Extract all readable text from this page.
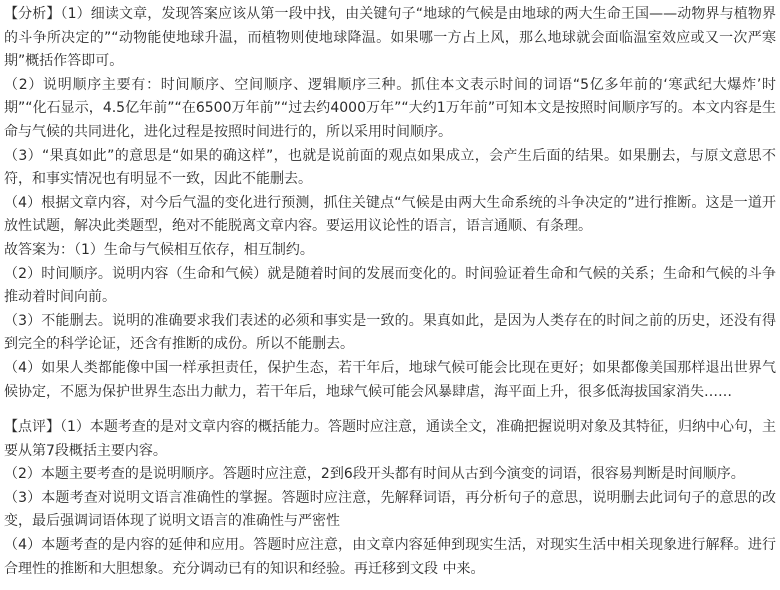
【分析】（1）细读文章，发现答案应该从第一段中找，由关键句子“地球的气候是由地球的两大生命王国——动物界与植物界的斗争所决定的”“动物能使地球升温，而植物则使地球降温。如果哪一方占上风，那么地球就会面临温室效应或又一次严寒期”概括作答即可。

（2）说明顺序主要有：时间顺序、空间顺序、逻辑顺序三种。抓住本文表示时间的词语“5亿多年前的‘寒武纪大爆炸’时期”“化石显示，4.5亿年前”“在6500万年前”“过去约4000万年”“大约1万年前”可知本文是按照时间顺序写的。本文内容是生命与气候的共同进化，进化过程是按照时间进行的，所以采用时间顺序。

（3）“果真如此”的意思是“如果的确这样”，也就是说前面的观点如果成立，会产生后面的结果。如果删去，与原文意思不符，和事实情况也有明显不一致，因此不能删去。

（4）根据文章内容，对今后气温的变化进行预测，抓住关键点“气候是由两大生命系统的斗争决定的”进行推断。这是一道开放性试题，解决此类题型，绝对不能脱离文章内容。要运用议论性的语言，语言通顺、有条理。

故答案为：（1）生命与气候相互依存，相互制约。

（2）时间顺序。说明内容（生命和气候）就是随着时间的发展而变化的。时间验证着生命和气候的关系；生命和气候的斗争推动着时间向前。

（3）不能删去。说明的准确要求我们表述的必须和事实是一致的。果真如此，是因为人类存在的时间之前的历史，还没有得到完全的科学论证，还含有推断的成份。所以不能删去。

（4）如果人类都能像中国一样承担责任，保护生态，若干年后，地球气候可能会比现在更好；如果都像美国那样退出世界气候协定，不愿为保护世界生态出力献力，若干年后，地球气候可能会风暴肆虐，海平面上升，很多低海拔国家消失……

【点评】（1）本题考查的是对文章内容的概括能力。答题时应注意，通读全文，准确把握说明对象及其特征，归纳中心句，主要从第7段概括主要内容。

（2）本题主要考查的是说明顺序。答题时应注意，2到6段开头都有时间从古到今演变的词语，很容易判断是时间顺序。

（3）本题考查对说明文语言准确性的掌握。答题时应注意，先解释词语，再分析句子的意思，说明删去此词句子的意思的改变，最后强调词语体现了说明文语言的准确性与严密性

（4）本题考查的是内容的延伸和应用。答题时应注意，由文章内容延伸到现实生活，对现实生活中相关现象进行解释。进行合理性的推断和大胆想象。充分调动已有的知识和经验。再迁移到文段 中来。
